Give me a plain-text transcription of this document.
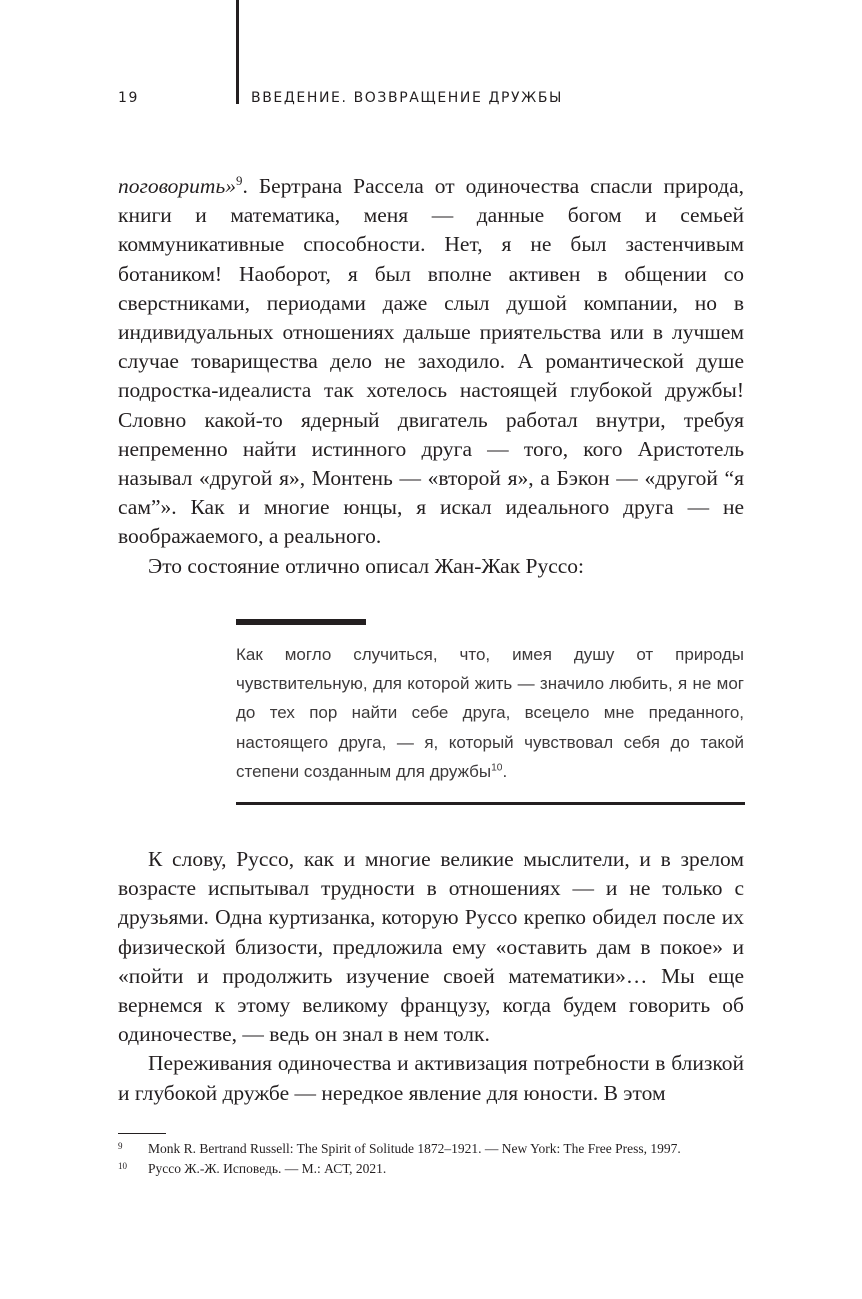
19	ВВЕДЕНИЕ. ВОЗВРАЩЕНИЕ ДРУЖБЫ

поговорить»$^9$. Бертрана Рассела от одиночества спасли природа, книги и математика, меня — данные богом и семьей коммуникативные способности. Нет, я не был застенчивым ботаником! Наоборот, я был вполне активен в общении со сверстниками, периодами даже слыл душой компании, но в индивидуальных отношениях дальше приятельства или в лучшем случае товарищества дело не заходило. А романтической душе подростка-идеалиста так хотелось настоящей глубокой дружбы! Словно какой-то ядерный двигатель работал внутри, требуя непременно найти истинного друга — того, кого Аристотель называл «другой я», Монтень — «второй я», а Бэкон — «другой “я сам”». Как и многие юнцы, я искал идеального друга — не воображаемого, а реального.

Это состояние отлично описал Жан-Жак Руссо:

Как могло случиться, что, имея душу от природы чувствительную, для которой жить — значило любить, я не мог до тех пор найти себе друга, всецело мне преданного, настоящего друга, — я, который чувствовал себя до такой степени созданным для дружбы$^{10}$.

К слову, Руссо, как и многие великие мыслители, и в зрелом возрасте испытывал трудности в отношениях — и не только с друзьями. Одна куртизанка, которую Руссо крепко обидел после их физической близости, предложила ему «оставить дам в покое» и «пойти и продолжить изучение своей математики»… Мы еще вернемся к этому великому французу, когда будем говорить об одиночестве, — ведь он знал в нем толк.

Переживания одиночества и активизация потребности в близкой и глубокой дружбе — нередкое явление для юности. В этом

9 Monk R. Bertrand Russell: The Spirit of Solitude 1872–1921. — New York: The Free Press, 1997.
10 Руссо Ж.-Ж. Исповедь. — М.: АСТ, 2021.
